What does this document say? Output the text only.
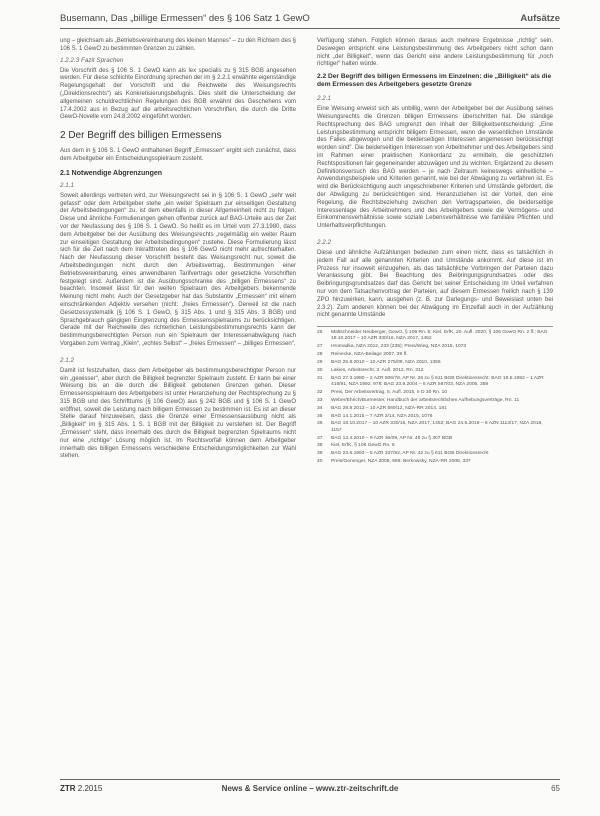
Busemann, Das „billige Ermessen“ des § 106 Satz 1 GewO	Aufsätze

ung – gleichsam als „Betriebsvereinbarung des kleinen Mannes“ – zu den Richtern des § 106 S. 1 GewO zu bestimmten Grenzen zu zählen.

1.2.2.3 Fazit Sprachen

Die Vorschrift des § 106 S. 1 GewO kann als lex specialis zu § 315 BGB angesehen werden. Für diese schlichte Einordnung sprechen der im § 2.2.1 erwähnte eigenständige Regelungsgehalt der Vorschrift und die Reichweite des Weisungsrechts („Direktionsrechts“) als Konkretisierungsbefugnis. Dies stellt die Unterscheidung der allgemeinen schuldrechtlichen Regelungen des BGB erwähnt des Geschehens vom 17.4.2002 aus in Bezug auf die arbeitsrechtlichen Vorschriften, die durch die Dritte GewO-Novelle vom 24.8.2002 eingeführt worden.

2 Der Begriff des billigen Ermessens

Aus dem in § 106 S. 1 GewO enthaltenen Begriff „Ermessen“ ergibt sich zunächst, dass dem Arbeitgeber ein Entscheidungsspielraum zusteht.

2.1 Notwendige Abgrenzungen
2.1.1

Soweit allerdings vertreten wird, zur Weisungsrecht sei in § 106 S. 1 GewO „sehr weit gefasst“ oder dem Arbeitgeber stehe „ein weiter Spielraum zur einseitigen Gestaltung der Arbeitsbedingungen“ zu, ist dem ebenfalls in dieser Allgemeinheit nicht zu folgen. Diese und ähnliche Formulierungen gehen offenbar zurück auf BAG-Urteile aus der Zeit vor der Neufassung des § 106 S. 1 GewO. So heißt es im Urteil vom 27.3.1980, dass dem Arbeitgeber bei der Ausübung des Weisungsrechts „regelmäßig ein weiter Raum zur einseitigen Gestaltung der Arbeitsbedingungen“ zustehe. Diese Formulierung lässt sich für die Zeit nach dem Inkrafttreten des § 106 GewO nicht mehr aufrechterhalten. Nach der Neufassung dieser Vorschrift besteht das Weisungsrecht nur, soweit die Arbeitsbedingungen nicht durch den Arbeitsvertrag, Bestimmungen einer Betriebsvereinbarung, eines anwendbaren Tarifvertrags oder gesetzliche Vorschriften festgelegt sind. Außerdem ist die Ausübungsschranke des „billigen Ermessens“ zu beachten. Insoweit lässt für den weiten Spielraum des Arbeitgebers bekennende Meinung nicht mehr. Auch der Gesetzgeber hat das Substantiv „Ermessen“ mit einem einschränkenden Adjektiv versehen (nicht: „freies Ermessen“). Derweil ist die nach Gesetzessystematik (§ 106 S. 1 GewO, § 315 Abs. 1 und § 315 Abs. 3 BGB) und Sprachgebrauch gängigen Eingrenzung des Ermessensspielraums zu berücksichtigen. Gerade mit der Reichweite des richterlichen Leistungsbestimmungsrechts kann der bestimmungsberechtigten Person nun ein Spielraum der Interessenabwägung nach Vorgaben zum Vertrag „Klein“, „echtes Selbst“ – „freies Ermessen“ – „billiges Ermessen“.

2.1.2

Damit ist festzuhalten, dass dem Arbeitgeber als bestimmungsberechtigter Person nur ein „gewisser“, aber durch die Billigkeit begrenzter Spielraum zusteht. Er kann bei einer Weisung bis an die durch die Billigkeit gebotenen Grenzen gehen. Dieser Ermessensspielraum des Arbeitgebers ist unter Heranziehung der Rechtsprechung zu § 315 BGB und des Schrifttums (§ 106 GewO) aus § 242 BGB und § 106 S. 1 GewO eröffnet, soweit die Leistung nach billigem Ermessen zu bestimmen ist. Es ist an dieser Stelle darauf hinzuweisen, dass die Grenze einer Ermessensausübung nicht als „Billigkeit“ im § 315 Abs. 1 S. 1 BGB mit der Billigkeit zu verstehen ist. Der Begriff „Ermessen“ steht, dass innerhalb des durch die Billigkeit begrenzten Spielraums nicht nur eine „richtige“ Lösung möglich ist. Im Rechtsvorfall können dem Arbeitgeber innerhalb des billigen Ermessens verschiedene Entscheidungsmöglichkeiten zur Wahl stehen.

Verfügung stehen. Folglich können daraus auch mehrere Ergebnisse „richtig“ sein. Deswegen entspricht eine Leistungsbestimmung des Arbeitgebers nicht schon dann nicht „der Billigkeit“, wenn das Gericht eine andere Leistungsbestimmung für „noch richtiger“ halten würde.

2.2 Der Begriff des billigen Ermessens im Einzelnen: die „Billigkeit“ als die dem Ermessen des Arbeitgebers gesetzte Grenze
2.2.1

Eine Weisung erweist sich als unbillig, wenn der Arbeitgeber bei der Ausübung seines Weisungsrechts die Grenzen billigen Ermessens überschritten hat. Die ständige Rechtsprechung des BAG umgrenzt den Inhalt der Billigkeitsentscheidung: „Eine Leistungsbestimmung entspricht billigem Ermessen, wenn die wesentlichen Umstände des Falles abgewogen und die beiderseitigen Interessen angemessen berücksichtigt worden sind“. Die beiderseitigen Interessen von Arbeitnehmer und des Arbeitgebers sind im Rahmen einer praktischen Konkordanz zu ermitteln, die geschützten Rechtspositionen fair gegeneinander abzuwägen und zu wichten. Ergänzend zu diesem Definitionsversuch des BAG werden – je nach Zeitraum keineswegs einheitliche – Anwendungsbeispiele und Kriterien genannt, wie bei der Abwägung zu verfahren ist. Es wird die Berücksichtigung auch ungeschriebener Kriterien und Umstände gefordert, die der Abwägung zu berücksichtigen sind. Heranzuziehen ist der Vorteil, den eine Regelung, die Rechtsbeziehung zwischen den Vertragsparteien, die beiderseitige Interessenlage des Arbeitnehmers und des Arbeitgebers sowie die Vermögens- und Einkommensverhältnisse sowie soziale Lebensverhältnisse wie familiäre Pflichten und Unterhaltsverpflichtungen.

2.2.2

Diese und ähnliche Aufzählungen bedeuten zum einen nicht, dass es tatsächlich in jedem Fall auf alle genannten Kriterien und Umstände ankommt. Auf diese ist im Prozess nur insoweit einzugehen, als das tatsächliche Vorbringen der Parteien dazu Veranlassung gibt. Bei Beachtung des Beibringungsgrundsatzes oder des Beibringungsgrundsatzes darf das Gericht bei seiner Entscheidung im Urteil verfahren nur von dem Tatsachenvortrag der Parteien, auf diesem Ermessen freilich nach § 139 ZPO hinzuwirken, kann, ausgehen (z. B. zur Darlegungs- und Beweislast unten bei 2.3.2). Zum anderen können bei der Abwägung im Einzelfall auch in der Aufzählung nicht genannte Umstände

26	Maltschneider Neuberger, GewO, § 106 Rn. 5; Kiel, ErfK, 20. Aufl. 2020, § 106 GewO Rn. 2 ff.; BAG 18.10.2017 – 10 AZR 330/16, NZA 2017, 1452
27	Hromadka, NZA 2012, 233 (235); Preis/Wieg, NZA 2015, 1073
28	Reinecke, NZA-Beilage 2007, 39 ff.
29	BAG 25.8.2010 – 10 AZR 275/09, NZA 2010, 1355
30	Lakies, Arbeitsrecht, 3. Aufl. 2012, Rn. 312
31	BAG 27.3.1980 – 2 AZR 506/78, AP Nr. 26 zu § 611 BGB Direktionsrecht; BAG 19.5.1992 – 1 AZR 418/91, NZA 1992, 978; BAG 23.9.2004 – 6 AZR 567/03, NZA 2005, 359
32	Preis, Der Arbeitsvertrag, 5. Aufl. 2015, II D 30 Rn. 10
33	Weber/Ehrich/Burmester, Handbuch der arbeitsrechtlichen Aufhebungsverträge, Rn. 11
34	BAG 28.8.2013 – 10 AZR 569/12, NZA-RR 2014, 181
35	BAG 14.1.2015 – 7 AZR 2/14, NZA 2015, 1076
36	BAG 18.10.2017 – 10 AZR 330/16, NZA 2017, 1452; BAG 24.5.2018 – 6 AZN 1113/17, NZA 2018, 1157
37	BAG 13.4.2010 – 9 AZR 36/09, AP Nr. 45 zu § 307 BGB
38	Kiel, ErfK, § 106 GewO Rn. 6
39	BAG 23.6.1993 – 5 AZR 337/92, AP Nr. 42 zu § 611 BGB Direktionsrecht
40	Preis/Genenger, NZA 2008, 969; Berkowsky, NZA-RR 2008, 337
ZTR 2.2015	News & Service online – www.ztr-zeitschrift.de	65
